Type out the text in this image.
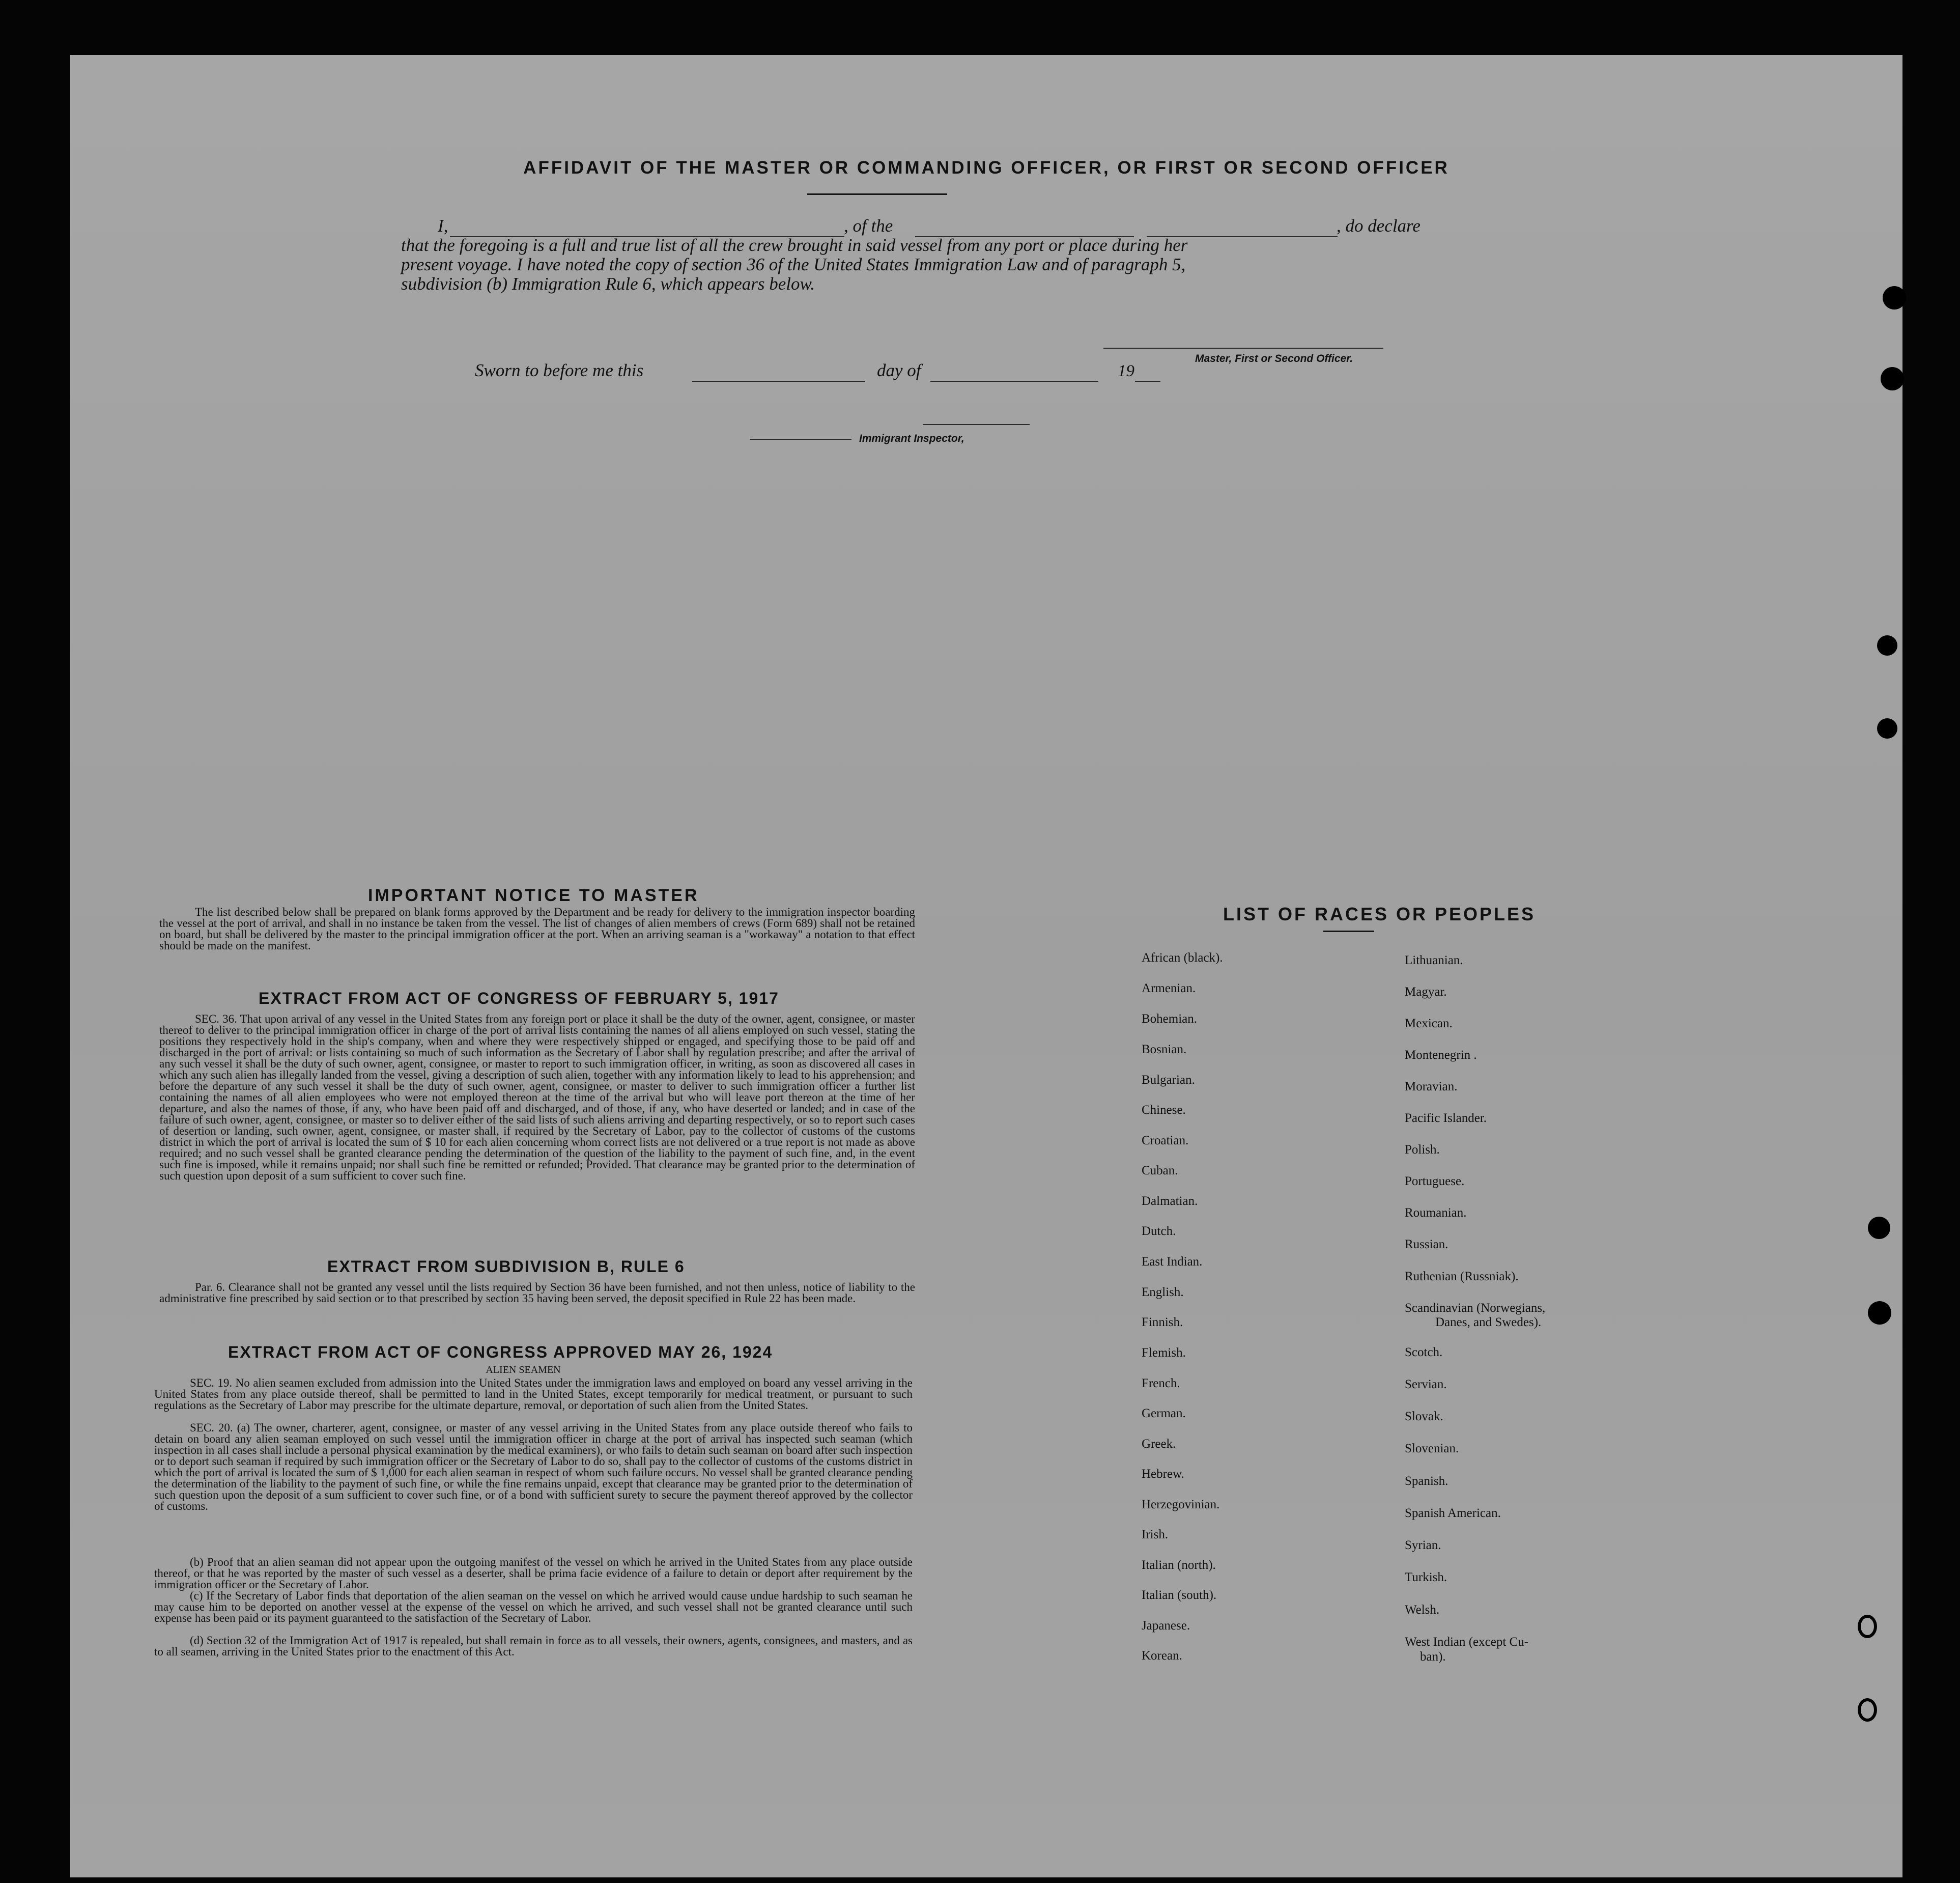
AFFIDAVIT OF THE MASTER OR COMMANDING OFFICER, OR FIRST OR SECOND OFFICER
I,	, of the	, do declare
that the foregoing is a full and true list of all the crew brought in said vessel from any port or place during her
present voyage. I have noted the copy of section 36 of the United States Immigration Law and of paragraph 5,
subdivision (b) Immigration Rule 6, which appears below.
Master, First or Second Officer.
Sworn to before me this	day of	19
Immigrant Inspector,
IMPORTANT NOTICE TO MASTER
The list described below shall be prepared on blank forms approved by the Department and be ready for delivery to the immigration inspector boarding the vessel at the port of arrival, and shall in no instance be taken from the vessel. The list of changes of alien members of crews (Form 689) shall not be retained on board, but shall be delivered by the master to the principal immigration officer at the port. When an arriving seaman is a "workaway" a notation to that effect should be made on the manifest.
EXTRACT FROM ACT OF CONGRESS OF FEBRUARY 5, 1917
SEC. 36. That upon arrival of any vessel in the United States from any foreign port or place it shall be the duty of the owner, agent, consignee, or master thereof to deliver to the principal immigration officer in charge of the port of arrival lists containing the names of all aliens employed on such vessel, stating the positions they respectively hold in the ship's company, when and where they were respectively shipped or engaged, and specifying those to be paid off and discharged in the port of arrival: or lists containing so much of such information as the Secretary of Labor shall by regulation prescribe; and after the arrival of any such vessel it shall be the duty of such owner, agent, consignee, or master to report to such immigration officer, in writing, as soon as discovered all cases in which any such alien has illegally landed from the vessel, giving a description of such alien, together with any information likely to lead to his apprehension; and before the departure of any such vessel it shall be the duty of such owner, agent, consignee, or master to deliver to such immigration officer a further list containing the names of all alien employees who were not employed thereon at the time of the arrival but who will leave port thereon at the time of her departure, and also the names of those, if any, who have been paid off and discharged, and of those, if any, who have deserted or landed; and in case of the failure of such owner, agent, consignee, or master so to deliver either of the said lists of such aliens arriving and departing respectively, or so to report such cases of desertion or landing, such owner, agent, consignee, or master shall, if required by the Secretary of Labor, pay to the collector of customs of the customs district in which the port of arrival is located the sum of $ 10 for each alien concerning whom correct lists are not delivered or a true report is not made as above required; and no such vessel shall be granted clearance pending the determination of the question of the liability to the payment of such fine, and, in the event such fine is imposed, while it remains unpaid; nor shall such fine be remitted or refunded; Provided. That clearance may be granted prior to the determination of such question upon deposit of a sum sufficient to cover such fine.
EXTRACT FROM SUBDIVISION B, RULE 6
Par. 6. Clearance shall not be granted any vessel until the lists required by Section 36 have been furnished, and not then unless, notice of liability to the administrative fine prescribed by said section or to that prescribed by section 35 having been served, the deposit specified in Rule 22 has been made.
EXTRACT FROM ACT OF CONGRESS APPROVED MAY 26, 1924
ALIEN SEAMEN
SEC. 19. No alien seamen excluded from admission into the United States under the immigration laws and employed on board any vessel arriving in the United States from any place outside thereof, shall be permitted to land in the United States, except temporarily for medical treatment, or pursuant to such regulations as the Secretary of Labor may prescribe for the ultimate departure, removal, or deportation of such alien from the United States.
SEC. 20. (a) The owner, charterer, agent, consignee, or master of any vessel arriving in the United States from any place outside thereof who fails to detain on board any alien seaman employed on such vessel until the immigration officer in charge at the port of arrival has inspected such seaman (which inspection in all cases shall include a personal physical examination by the medical examiners), or who fails to detain such seaman on board after such inspection or to deport such seaman if required by such immigration officer or the Secretary of Labor to do so, shall pay to the collector of customs of the customs district in which the port of arrival is located the sum of $ 1,000 for each alien seaman in respect of whom such failure occurs. No vessel shall be granted clearance pending the determination of the liability to the payment of such fine, or while the fine remains unpaid, except that clearance may be granted prior to the determination of such question upon the deposit of a sum sufficient to cover such fine, or of a bond with sufficient surety to secure the payment thereof approved by the collector of customs.
(b) Proof that an alien seaman did not appear upon the outgoing manifest of the vessel on which he arrived in the United States from any place outside thereof, or that he was reported by the master of such vessel as a deserter, shall be prima facie evidence of a failure to detain or deport after requirement by the immigration officer or the Secretary of Labor.
(c) If the Secretary of Labor finds that deportation of the alien seaman on the vessel on which he arrived would cause undue hardship to such seaman he may cause him to be deported on another vessel at the expense of the vessel on which he arrived, and such vessel shall not be granted clearance until such expense has been paid or its payment guaranteed to the satisfaction of the Secretary of Labor.
(d) Section 32 of the Immigration Act of 1917 is repealed, but shall remain in force as to all vessels, their owners, agents, consignees, and masters, and as to all seamen, arriving in the United States prior to the enactment of this Act.
LIST OF RACES OR PEOPLES
African (black).
Armenian.
Bohemian.
Bosnian.
Bulgarian.
Chinese.
Croatian.
Cuban.
Dalmatian.
Dutch.
East Indian.
English.
Finnish.
Flemish.
French.
German.
Greek.
Hebrew.
Herzegovinian.
Irish.
Italian (north).
Italian (south).
Japanese.
Korean.
Lithuanian.
Magyar.
Mexican.
Montenegrin .
Moravian.
Pacific Islander.
Polish.
Portuguese.
Roumanian.
Russian.
Ruthenian (Russniak).
Scandinavian (Norwegians,
Danes, and Swedes).
Scotch.
Servian.
Slovak.
Slovenian.
Spanish.
Spanish American.
Syrian.
Turkish.
Welsh.
West Indian (except Cu-
ban).
